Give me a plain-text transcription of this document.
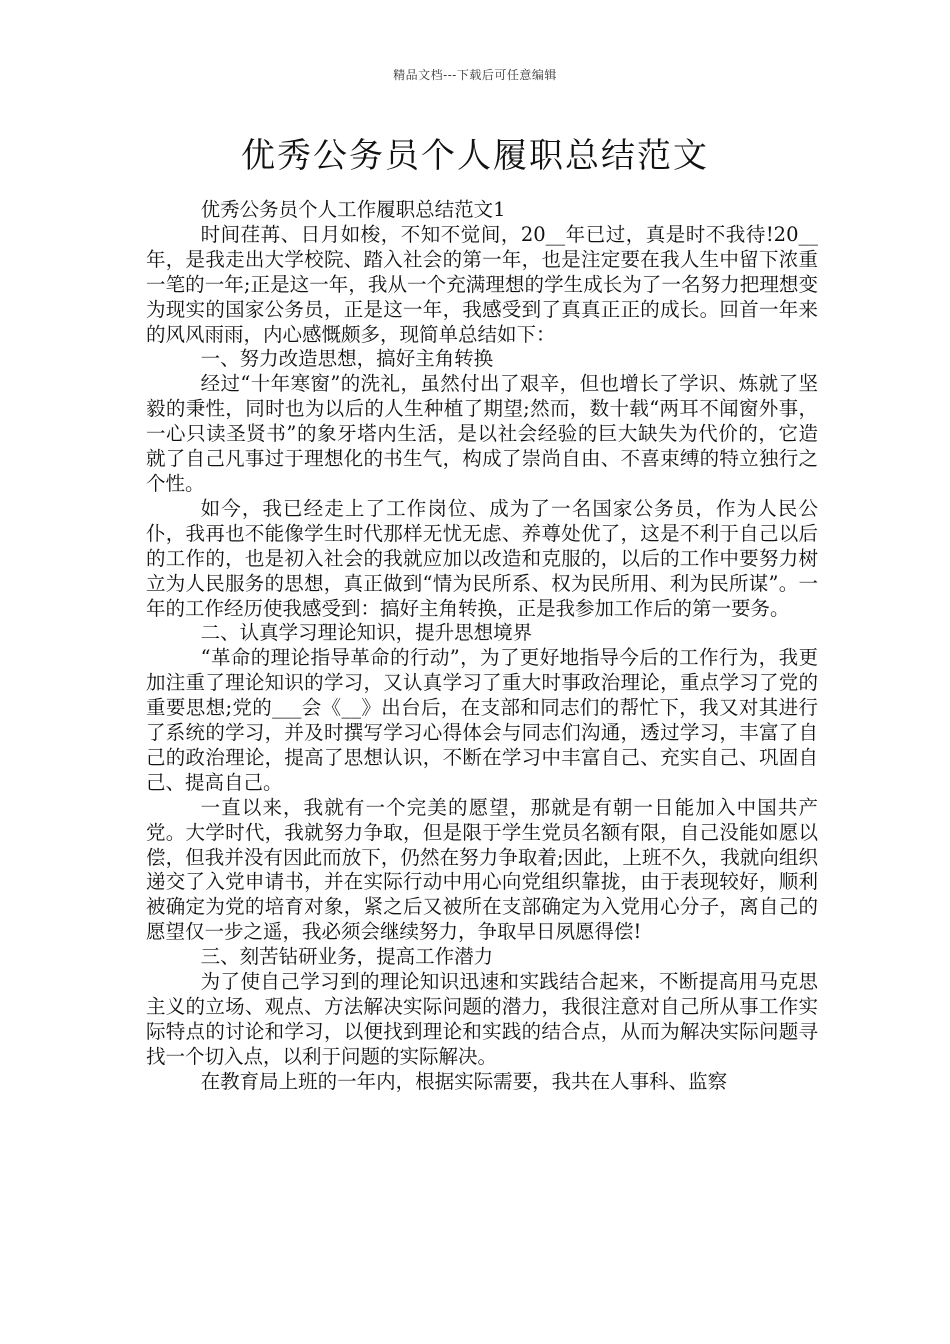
精品文档---下载后可任意编辑
优秀公务员个人履职总结范文

优秀公务员个人工作履职总结范文1

时间荏苒、日月如梭，不知不觉间，20__年已过，真是时不我待!20__年，是我走出大学校院、踏入社会的第一年，也是注定要在我人生中留下浓重一笔的一年;正是这一年，我从一个充满理想的学生成长为了一名努力把理想变为现实的国家公务员，正是这一年，我感受到了真真正正的成长。回首一年来的风风雨雨，内心感慨颇多，现简单总结如下：

一、努力改造思想，搞好主角转换

经过“十年寒窗”的洗礼，虽然付出了艰辛，但也增长了学识、炼就了坚毅的秉性，同时也为以后的人生种植了期望;然而，数十载“两耳不闻窗外事，一心只读圣贤书”的象牙塔内生活，是以社会经验的巨大缺失为代价的，它造就了自己凡事过于理想化的书生气，构成了崇尚自由、不喜束缚的特立独行之个性。

如今，我已经走上了工作岗位、成为了一名国家公务员，作为人民公仆，我再也不能像学生时代那样无忧无虑、养尊处优了，这是不利于自己以后的工作的，也是初入社会的我就应加以改造和克服的，以后的工作中要努力树立为人民服务的思想，真正做到“情为民所系、权为民所用、利为民所谋”。一年的工作经历使我感受到：搞好主角转换，正是我参加工作后的第一要务。

二、认真学习理论知识，提升思想境界

“革命的理论指导革命的行动”，为了更好地指导今后的工作行为，我更加注重了理论知识的学习，又认真学习了重大时事政治理论，重点学习了党的重要思想;党的___会《__》出台后，在支部和同志们的帮忙下，我又对其进行了系统的学习，并及时撰写学习心得体会与同志们沟通，透过学习，丰富了自己的政治理论，提高了思想认识，不断在学习中丰富自己、充实自己、巩固自己、提高自己。

一直以来，我就有一个完美的愿望，那就是有朝一日能加入中国共产党。大学时代，我就努力争取，但是限于学生党员名额有限，自己没能如愿以偿，但我并没有因此而放下，仍然在努力争取着;因此，上班不久，我就向组织递交了入党申请书，并在实际行动中用心向党组织靠拢，由于表现较好，顺利被确定为党的培育对象，紧之后又被所在支部确定为入党用心分子，离自己的愿望仅一步之遥，我必须会继续努力，争取早日夙愿得偿!

三、刻苦钻研业务，提高工作潜力

为了使自己学习到的理论知识迅速和实践结合起来，不断提高用马克思主义的立场、观点、方法解决实际问题的潜力，我很注意对自己所从事工作实际特点的讨论和学习，以便找到理论和实践的结合点，从而为解决实际问题寻找一个切入点，以利于问题的实际解决。

在教育局上班的一年内，根据实际需要，我共在人事科、监察
